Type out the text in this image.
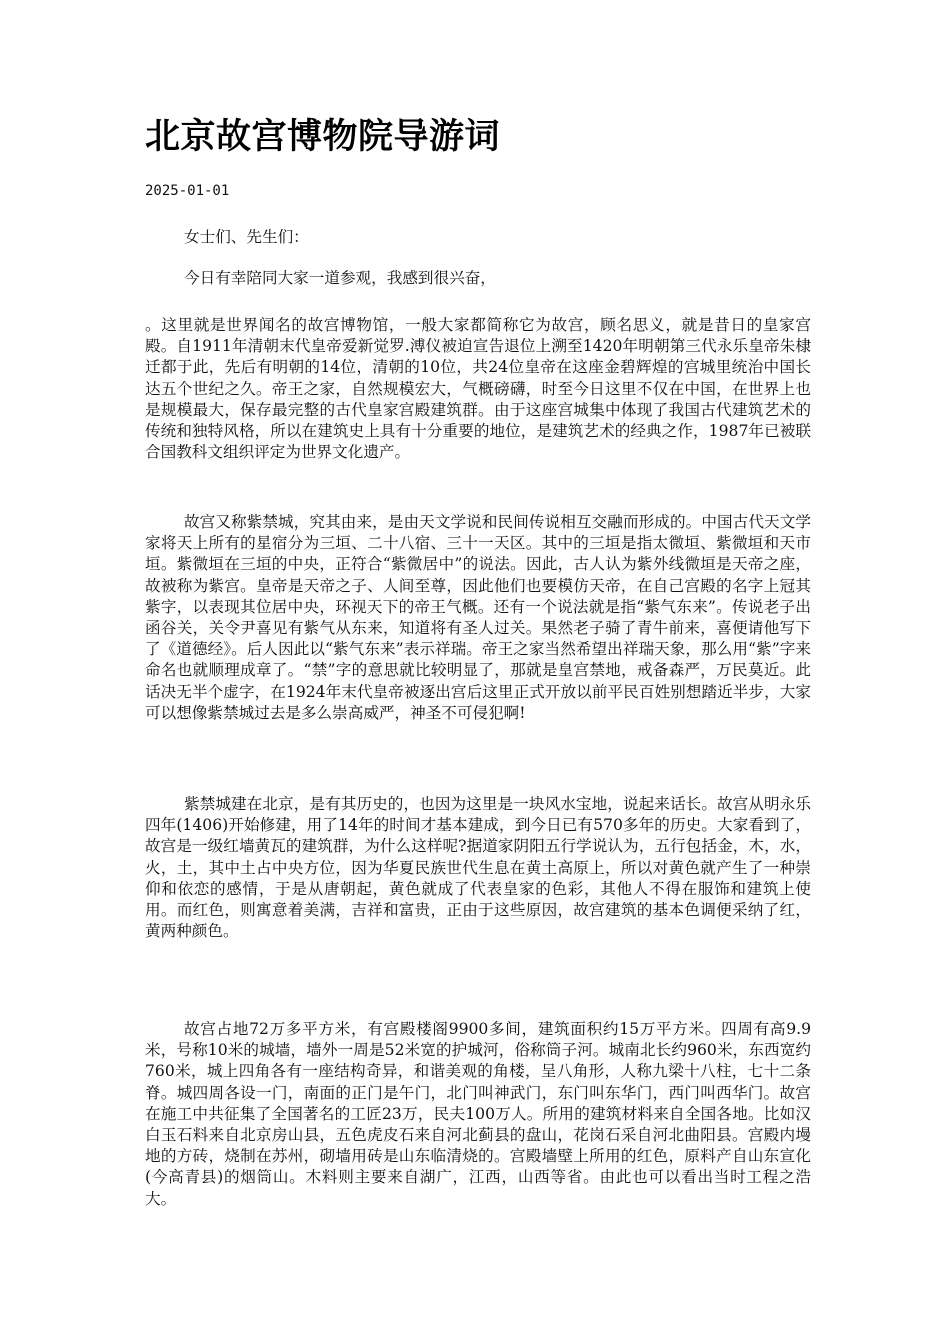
北京故宫博物院导游词
2025-01-01

女士们、先生们：

今日有幸陪同大家一道参观，我感到很兴奋，

。这里就是世界闻名的故宫博物馆，一般大家都简称它为故宫，顾名思义，就是昔日的皇家宫殿。自1911年清朝末代皇帝爱新觉罗.溥仪被迫宣告退位上溯至1420年明朝第三代永乐皇帝朱棣迁都于此，先后有明朝的14位，清朝的10位，共24位皇帝在这座金碧辉煌的宫城里统治中国长达五个世纪之久。帝王之家，自然规模宏大，气概磅礴，时至今日这里不仅在中国，在世界上也是规模最大，保存最完整的古代皇家宫殿建筑群。由于这座宫城集中体现了我国古代建筑艺术的传统和独特风格，所以在建筑史上具有十分重要的地位，是建筑艺术的经典之作，1987年已被联合国教科文组织评定为世界文化遗产。

故宫又称紫禁城，究其由来，是由天文学说和民间传说相互交融而形成的。中国古代天文学家将天上所有的星宿分为三垣、二十八宿、三十一天区。其中的三垣是指太微垣、紫微垣和天市垣。紫微垣在三垣的中央，正符合“紫微居中”的说法。因此，古人认为紫外线微垣是天帝之座，故被称为紫宫。皇帝是天帝之子、人间至尊，因此他们也要模仿天帝，在自己宫殿的名字上冠其紫字，以表现其位居中央，环视天下的帝王气概。还有一个说法就是指“紫气东来”。传说老子出函谷关，关令尹喜见有紫气从东来，知道将有圣人过关。果然老子骑了青牛前来，喜便请他写下了《道德经》。后人因此以“紫气东来”表示祥瑞。帝王之家当然希望出祥瑞天象，那么用“紫”字来命名也就顺理成章了。“禁”字的意思就比较明显了，那就是皇宫禁地，戒备森严，万民莫近。此话决无半个虚字，在1924年末代皇帝被逐出宫后这里正式开放以前平民百姓别想踏近半步，大家可以想像紫禁城过去是多么崇高威严，神圣不可侵犯啊!

紫禁城建在北京，是有其历史的，也因为这里是一块风水宝地，说起来话长。故宫从明永乐四年(1406)开始修建，用了14年的时间才基本建成，到今日已有570多年的历史。大家看到了，故宫是一级红墙黄瓦的建筑群，为什么这样呢?据道家阴阳五行学说认为，五行包括金，木，水，火，土，其中土占中央方位，因为华夏民族世代生息在黄土高原上，所以对黄色就产生了一种崇仰和依恋的感情，于是从唐朝起，黄色就成了代表皇家的色彩，其他人不得在服饰和建筑上使用。而红色，则寓意着美满，吉祥和富贵，正由于这些原因，故宫建筑的基本色调便采纳了红，黄两种颜色。

故宫占地72万多平方米，有宫殿楼阁9900多间，建筑面积约15万平方米。四周有高9.9米，号称10米的城墙，墙外一周是52米宽的护城河，俗称筒子河。城南北长约960米，东西宽约760米，城上四角各有一座结构奇异，和谐美观的角楼，呈八角形，人称九梁十八柱，七十二条脊。城四周各设一门，南面的正门是午门，北门叫神武门，东门叫东华门，西门叫西华门。故宫在施工中共征集了全国著名的工匠23万，民夫100万人。所用的建筑材料来自全国各地。比如汉白玉石料来自北京房山县，五色虎皮石来自河北蓟县的盘山，花岗石采自河北曲阳县。宫殿内墁地的方砖，烧制在苏州，砌墙用砖是山东临清烧的。宫殿墙壁上所用的红色，原料产自山东宣化(今高青县)的烟筒山。木料则主要来自湖广，江西，山西等省。由此也可以看出当时工程之浩大。
